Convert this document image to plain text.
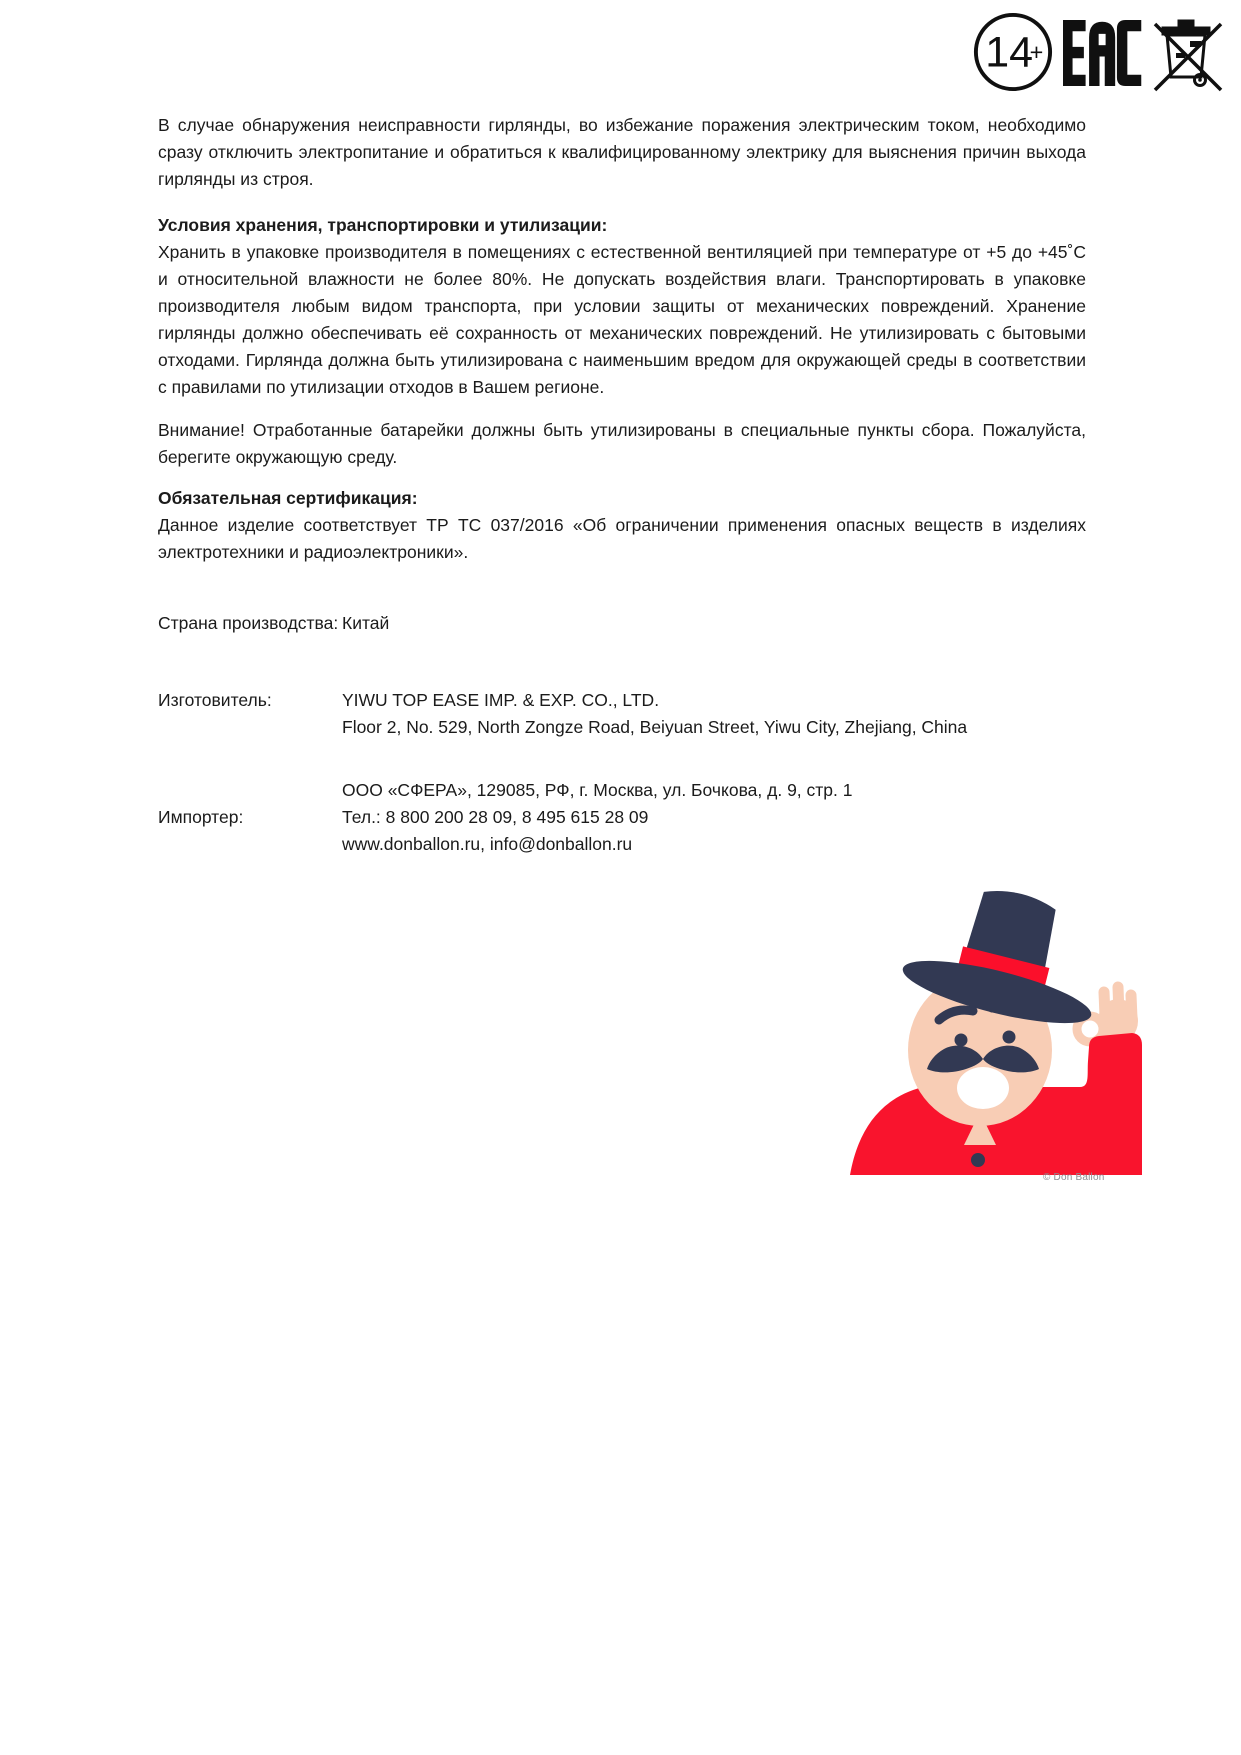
14
+

В случае обнаружения неисправности гирлянды, во избежание поражения электрическим током, необходимо сразу отключить электропитание и обратиться к квалифицированному электрику для выяснения причин выхода гирлянды из строя.

Условия хранения, транспортировки и утилизации:

Хранить в упаковке производителя в помещениях с естественной вентиляцией при температуре от +5 до +45˚С и относительной влажности не более 80%. Не допускать воздействия влаги. Транспортировать в упаковке производителя любым видом транспорта, при условии защиты от механических повреждений. Хранение гирлянды должно обеспечивать её сохранность от механических повреждений. Не утилизировать с бытовыми отходами. Гирлянда должна быть утилизирована с наименьшим вредом для окружающей среды в соответствии с правилами по утилизации отходов в Вашем регионе.

Внимание! Отработанные батарейки должны быть утилизированы в специальные пункты сбора. Пожалуйста, берегите окружающую среду.

Обязательная сертификация:

Данное изделие соответствует ТР ТС 037/2016 «Об ограничении применения опасных веществ в изделиях электротехники и радиоэлектроники».

Страна производства: Китай
Изготовитель:	YIWU TOP EASE IMP. & EXP. CO., LTD.
Floor 2, No. 529, North Zongze Road, Beiyuan Street, Yiwu City, Zhejiang, China
Импортер:
ООО «СФЕРА», 129085, РФ, г. Москва, ул. Бочкова, д. 9, стр. 1
Тел.: 8 800 200 28 09, 8 495 615 28 09
www.donballon.ru, info@donballon.ru
© Don Ballon
